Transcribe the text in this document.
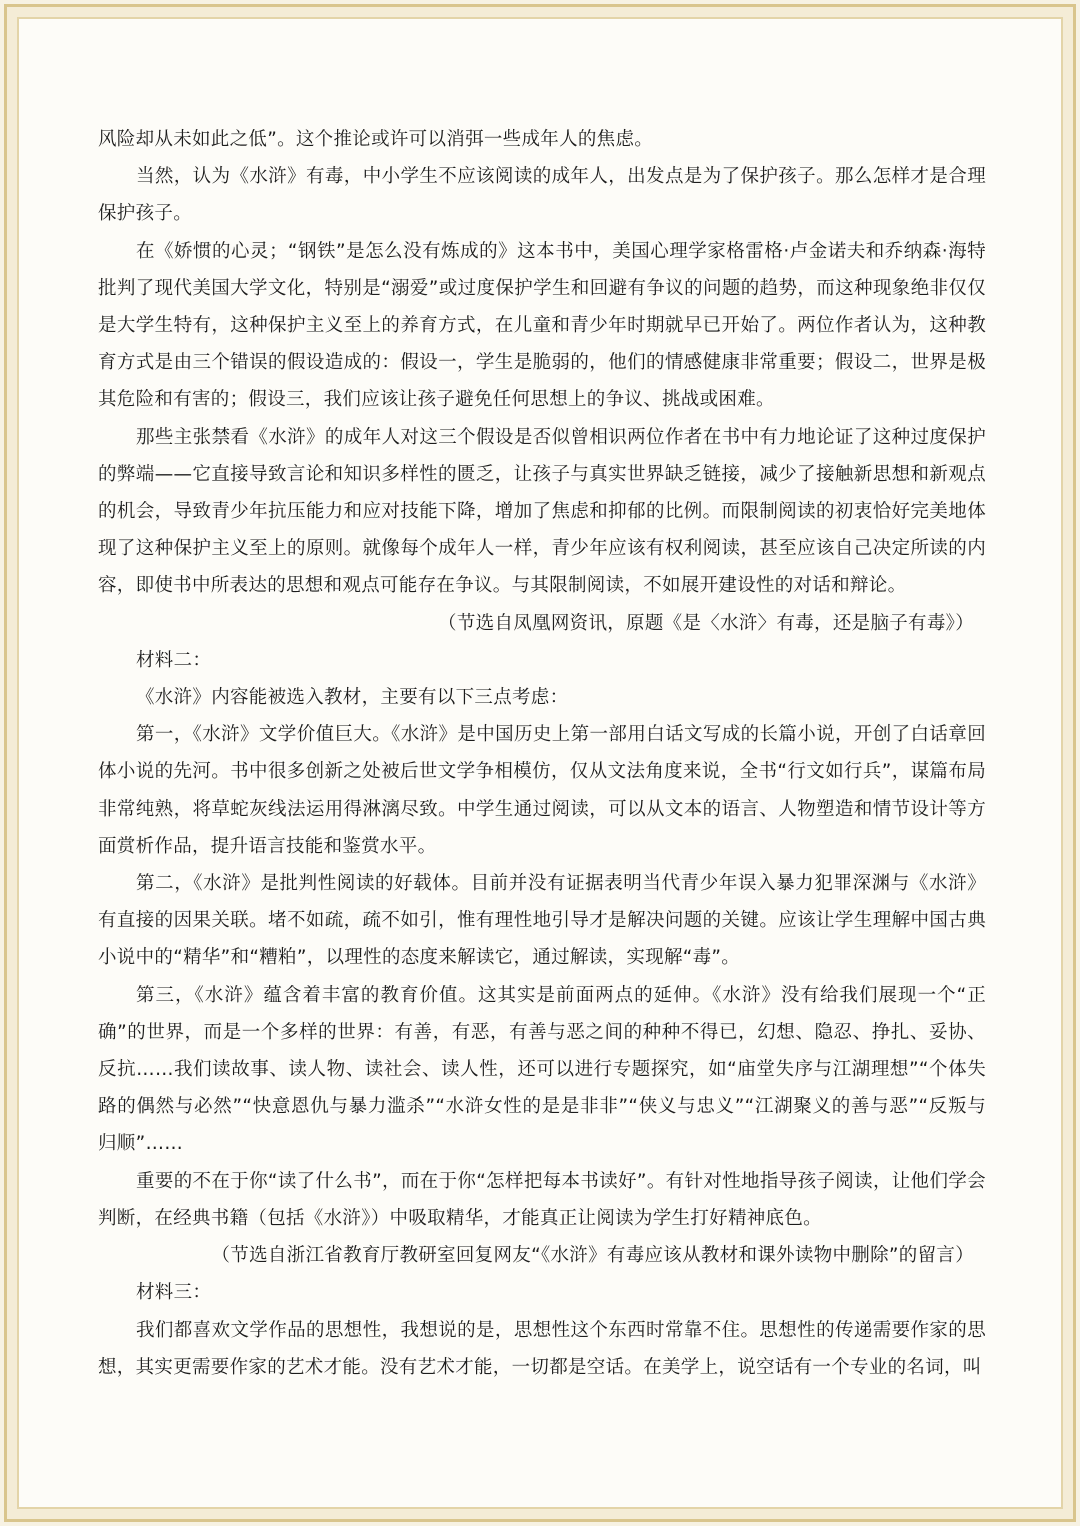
风险却从未如此之低”。这个推论或许可以消弭一些成年人的焦虑。

当然，认为《水浒》有毒，中小学生不应该阅读的成年人，出发点是为了保护孩子。那么怎样才是合理保护孩子。

在《娇惯的心灵；“钢铁”是怎么没有炼成的》这本书中，美国心理学家格雷格·卢金诺夫和乔纳森·海特批判了现代美国大学文化，特别是“溺爱”或过度保护学生和回避有争议的问题的趋势，而这种现象绝非仅仅是大学生特有，这种保护主义至上的养育方式，在儿童和青少年时期就早已开始了。两位作者认为，这种教育方式是由三个错误的假设造成的：假设一，学生是脆弱的，他们的情感健康非常重要；假设二，世界是极其危险和有害的；假设三，我们应该让孩子避免任何思想上的争议、挑战或困难。

那些主张禁看《水浒》的成年人对这三个假设是否似曾相识两位作者在书中有力地论证了这种过度保护的弊端——它直接导致言论和知识多样性的匮乏，让孩子与真实世界缺乏链接，减少了接触新思想和新观点的机会，导致青少年抗压能力和应对技能下降，增加了焦虑和抑郁的比例。而限制阅读的初衷恰好完美地体现了这种保护主义至上的原则。就像每个成年人一样，青少年应该有权利阅读，甚至应该自己决定所读的内容，即使书中所表达的思想和观点可能存在争议。与其限制阅读，不如展开建设性的对话和辩论。

（节选自凤凰网资讯，原题《是〈水浒〉有毒，还是脑子有毒》）

材料二：

《水浒》内容能被选入教材，主要有以下三点考虑：

第一，《水浒》文学价值巨大。《水浒》是中国历史上第一部用白话文写成的长篇小说，开创了白话章回体小说的先河。书中很多创新之处被后世文学争相模仿，仅从文法角度来说，全书“行文如行兵”，谋篇布局非常纯熟，将草蛇灰线法运用得淋漓尽致。中学生通过阅读，可以从文本的语言、人物塑造和情节设计等方面赏析作品，提升语言技能和鉴赏水平。

第二，《水浒》是批判性阅读的好载体。目前并没有证据表明当代青少年误入暴力犯罪深渊与《水浒》有直接的因果关联。堵不如疏，疏不如引，惟有理性地引导才是解决问题的关键。应该让学生理解中国古典小说中的“精华”和“糟粕”，以理性的态度来解读它，通过解读，实现解“毒”。

第三，《水浒》蕴含着丰富的教育价值。这其实是前面两点的延伸。《水浒》没有给我们展现一个“正确”的世界，而是一个多样的世界：有善，有恶，有善与恶之间的种种不得已，幻想、隐忍、挣扎、妥协、反抗……我们读故事、读人物、读社会、读人性，还可以进行专题探究，如“庙堂失序与江湖理想”“个体失路的偶然与必然”“快意恩仇与暴力滥杀”“水浒女性的是是非非”“侠义与忠义”“江湖聚义的善与恶”“反叛与归顺”……

重要的不在于你“读了什么书”，而在于你“怎样把每本书读好”。有针对性地指导孩子阅读，让他们学会判断，在经典书籍（包括《水浒》）中吸取精华，才能真正让阅读为学生打好精神底色。

（节选自浙江省教育厅教研室回复网友“《水浒》有毒应该从教材和课外读物中删除”的留言）

材料三：

我们都喜欢文学作品的思想性，我想说的是，思想性这个东西时常靠不住。思想性的传递需要作家的思想，其实更需要作家的艺术才能。没有艺术才能，一切都是空话。在美学上，说空话有一个专业的名词，叫
